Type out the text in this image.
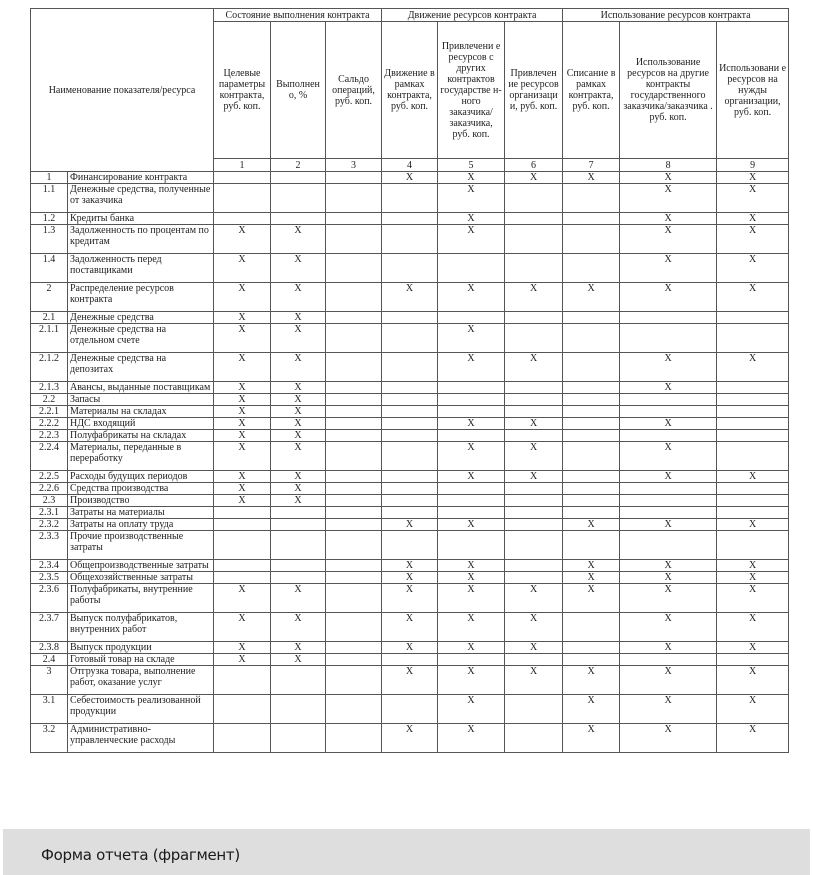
Наименование показателя/ресурса		Состояние выполнения контракта			Движение ресурсов контракта			Использование ресурсов контракта		
		Целевые параметры контракта, руб. коп.	Выполнен о, %	Сальдо операций, руб. коп.	Движение в рамках контракта, руб. коп.	Привлечени е ресурсов с других контрактов государстве н-ного заказчика/ заказчика, руб. коп.	Привлечен ие ресурсов организаци и, руб. коп.	Списание в рамках контракта, руб. коп.	Использование ресурсов на другие контракты государственного заказчика/заказчика . руб. коп.	Использовани е ресурсов на нужды организации, руб. коп.
		1	2	3	4	5	6	7	8	9
1	Финансирование контракта				X	X	X	X	X	X
1.1	Денежные средства, полученные от заказчика					X			X	X
1.2	Кредиты банка					X			X	X
1.3	Задолженность по процентам по кредитам	X	X			X			X	X
1.4	Задолженность перед поставщиками	X	X						X	X
2	Распределение ресурсов контракта	X	X		X	X	X	X	X	X
2.1	Денежные средства	X	X							
2.1.1	Денежные средства на отдельном счете	X	X			X				
2.1.2	Денежные средства на депозитах	X	X			X	X		X	X
2.1.3	Авансы, выданные поставщикам	X	X						X	
2.2	Запасы	X	X							
2.2.1	Материалы на складах	X	X							
2.2.2	НДС входящий	X	X			X	X		X	
2.2.3	Полуфабрикаты на складах	X	X							
2.2.4	Материалы, переданные в переработку	X	X			X	X		X	
2.2.5	Расходы будущих периодов	X	X			X	X		X	X
2.2.6	Средства производства	X	X							
2.3	Производство	X	X							
2.3.1	Затраты на материалы									
2.3.2	Затраты на оплату труда				X	X		X	X	X
2.3.3	Прочие производственные затраты									
2.3.4	Общепроизводственные затраты				X	X		X	X	X
2.3.5	Общехозяйственные затраты				X	X		X	X	X
2.3.6	Полуфабрикаты, внутренние работы	X	X		X	X	X	X	X	X
2.3.7	Выпуск полуфабрикатов, внутренних работ	X	X		X	X	X		X	X
2.3.8	Выпуск продукции	X	X		X	X	X		X	X
2.4	Готовый товар на складе	X	X							
3	Отгрузка товара, выполнение работ, оказание услуг				X	X	X	X	X	X
3.1	Себестоимость реализованной продукции					X		X	X	X
3.2	Административно-управленческие расходы				X	X		X	X	X
Форма отчета (фрагмент)
